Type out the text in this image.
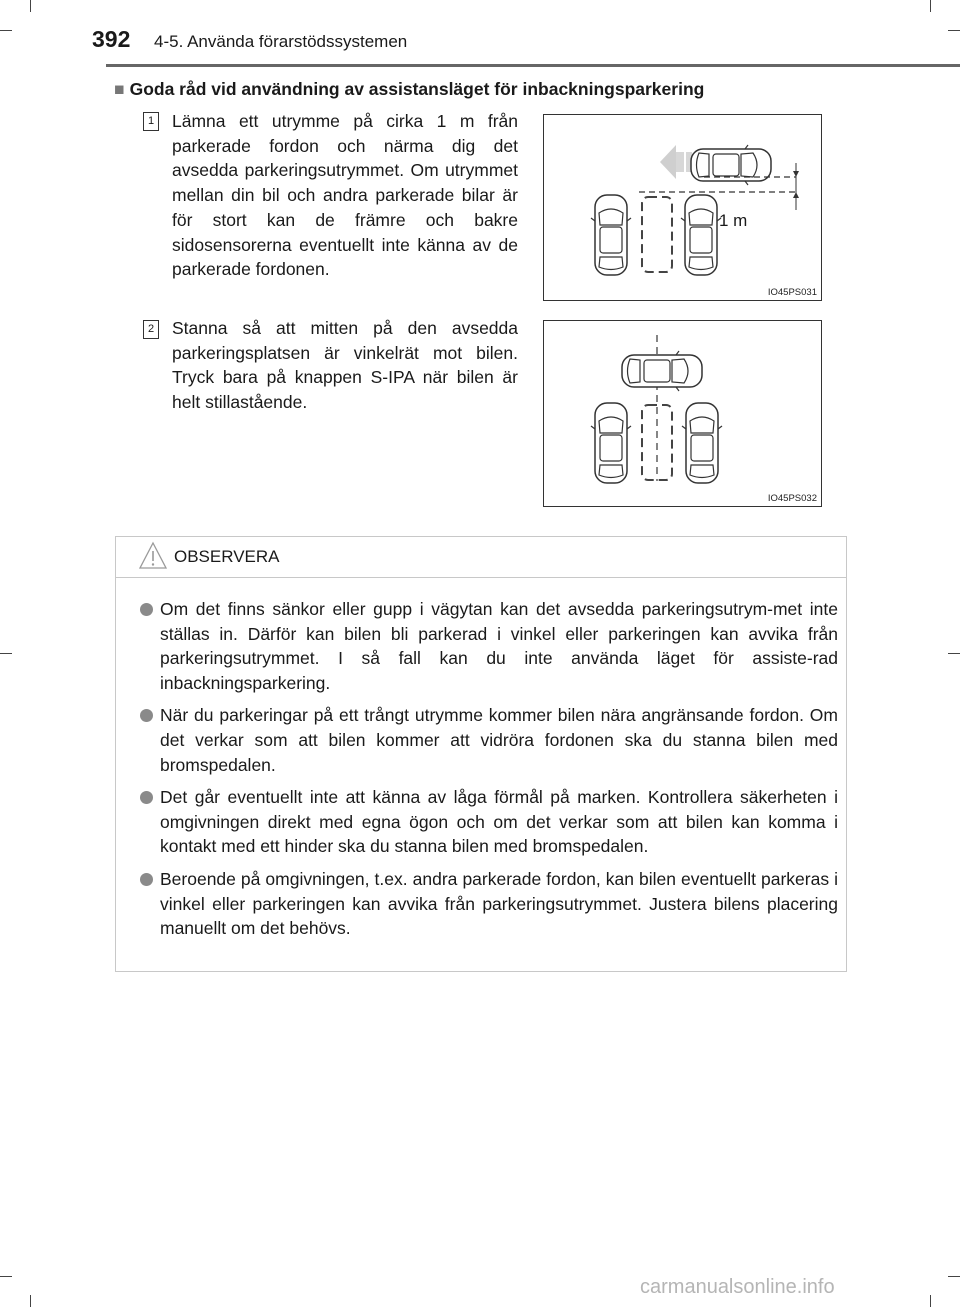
392 4-5. Använda förarstödssystemen
■ Goda råd vid användning av assistansläget för inbackningsparkering
1 Lämna ett utrymme på cirka 1 m från parkerade fordon och närma dig det avsedda parkeringsutrymmet. Om utrymmet mellan din bil och andra parkerade bilar är för stort kan de främre och bakre sidosensorerna eventuellt inte känna av de parkerade fordonen.
1 m
IO45PS031
2 Stanna så att mitten på den avsedda parkeringsplatsen är vinkelrät mot bilen. Tryck bara på knappen S-IPA när bilen är helt stillastående.
IO45PS032
OBSERVERA
Om det finns sänkor eller gupp i vägytan kan det avsedda parkeringsutrym-met inte ställas in. Därför kan bilen bli parkerad i vinkel eller parkeringen kan avvika från parkeringsutrymmet. I så fall kan du inte använda läget för assiste-rad inbackningsparkering.
När du parkeringar på ett trångt utrymme kommer bilen nära angränsande fordon. Om det verkar som att bilen kommer att vidröra fordonen ska du stanna bilen med bromspedalen.
Det går eventuellt inte att känna av låga förmål på marken. Kontrollera säkerheten i omgivningen direkt med egna ögon och om det verkar som att bilen kan komma i kontakt med ett hinder ska du stanna bilen med bromspedalen.
Beroende på omgivningen, t.ex. andra parkerade fordon, kan bilen eventuellt parkeras i vinkel eller parkeringen kan avvika från parkeringsutrymmet. Justera bilens placering manuellt om det behövs.
carmanualsonline.info
